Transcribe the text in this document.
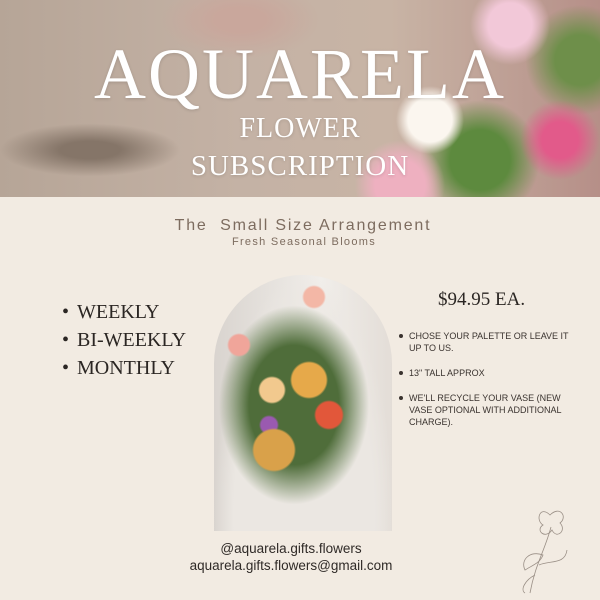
AQUARELA
FLOWER
SUBSCRIPTION
The  Small Size Arrangement
Fresh Seasonal Blooms
• WEEKLY
• BI-WEEKLY
• MONTHLY
$94.95 EA.
CHOSE YOUR PALETTE OR LEAVE IT UP TO US.
13" TALL APPROX
WE'LL RECYCLE YOUR VASE (NEW VASE OPTIONAL WITH ADDITIONAL CHARGE).
@aquarela.gifts.flowers
aquarela.gifts.flowers@gmail.com
